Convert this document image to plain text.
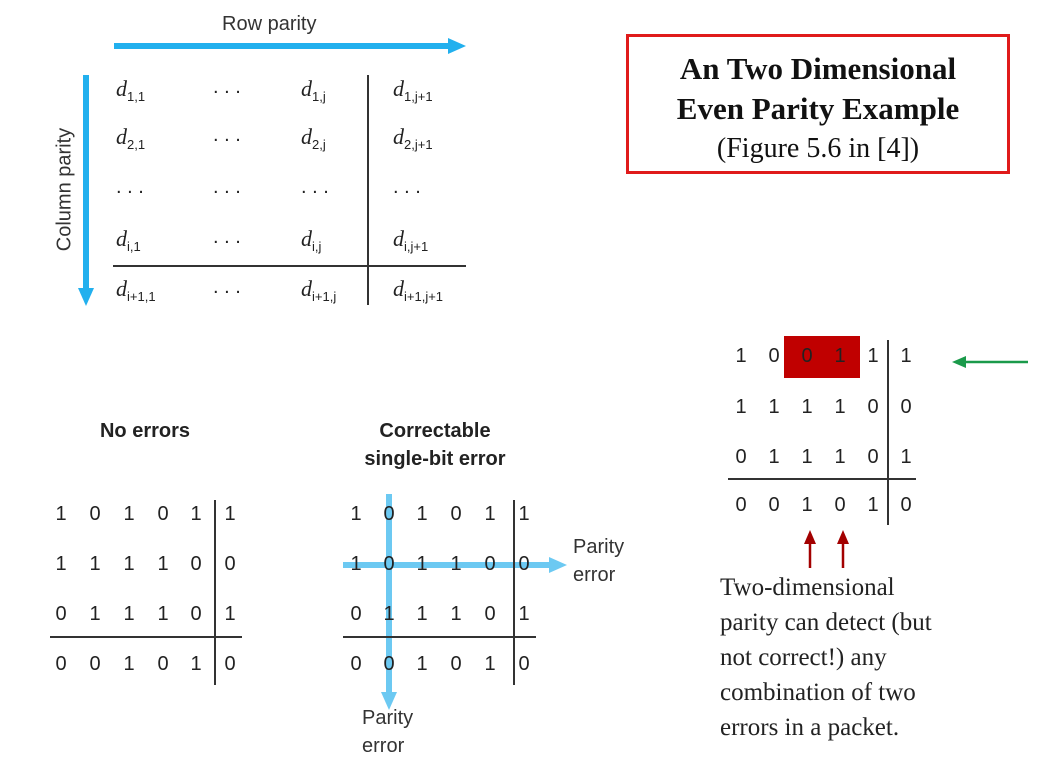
Row parity
Column parity
$d_{1,1}$	. . .	$d_{1,j}$	$d_{1,j+1}$
$d_{2,1}$	. . .	$d_{2,j}$	$d_{2,j+1}$
. . .	. . .	. . .	. . .
$d_{i,1}$	. . .	$d_{i,j}$	$d_{i,j+1}$
$d_{i+1,1}$	. . .	$d_{i+1,j}$	$d_{i+1,j+1}$
An Two Dimensional
Even Parity Example
(Figure 5.6 in [4])
No errors
1	0	1	0	1	1
1	1	1	1	0	0
0	1	1	1	0	1
0	0	1	0	1	0
Correctable
single-bit error
1	0	1	0	1	1
1	0	1	1	0	0
0	1	1	1	0	1
0	0	1	0	1	0
Parity
error
Parity
error
1	0	0	1	1	1
1	1	1	1	0	0
0	1	1	1	0	1
0	0	1	0	1	0
Two-dimensional
parity can detect (but
not correct!) any
combination of two
errors in a packet.
